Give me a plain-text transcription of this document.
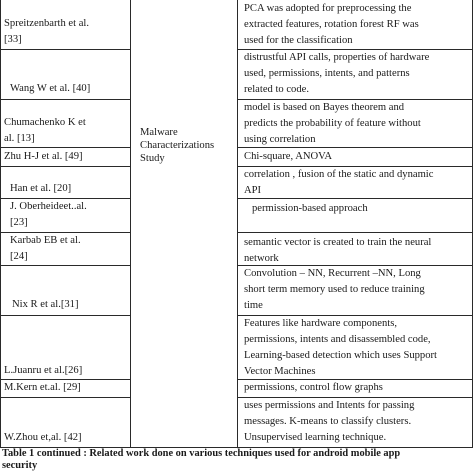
Spreitzenbarth et al.
[33]
PCA was adopted for preprocessing the
extracted features, rotation forest RF was
used for the classification
Wang W et al. [40]
distrustful API calls, properties of hardware
used, permissions, intents, and patterns
related to code.
Chumachenko K et
al. [13]
model is based on Bayes theorem and
predicts the probability of feature without
using correlation
Zhu H-J et al. [49]	Chi-square, ANOVA
Han et al. [20]
correlation , fusion of the static and dynamic
API
J. Oberheideet..al.
[23]
permission-based approach
Karbab EB et al.
[24]
semantic vector is created to train the neural
network
Nix R et al.[31]
Convolution – NN, Recurrent –NN, Long
short term memory used to reduce training
time
L.Juanru et al.[26]
Features like hardware components,
permissions, intents and disassembled code,
Learning-based detection which uses Support
Vector Machines
M.Kern et.al. [29]	permissions, control flow graphs
W.Zhou et,al. [42]
uses permissions and Intents for passing
messages. K-means to classify clusters.
Unsupervised learning technique.
Malware
Characterizations
Study
Table 1 continued : Related work done on various techniques used for android mobile app
security
